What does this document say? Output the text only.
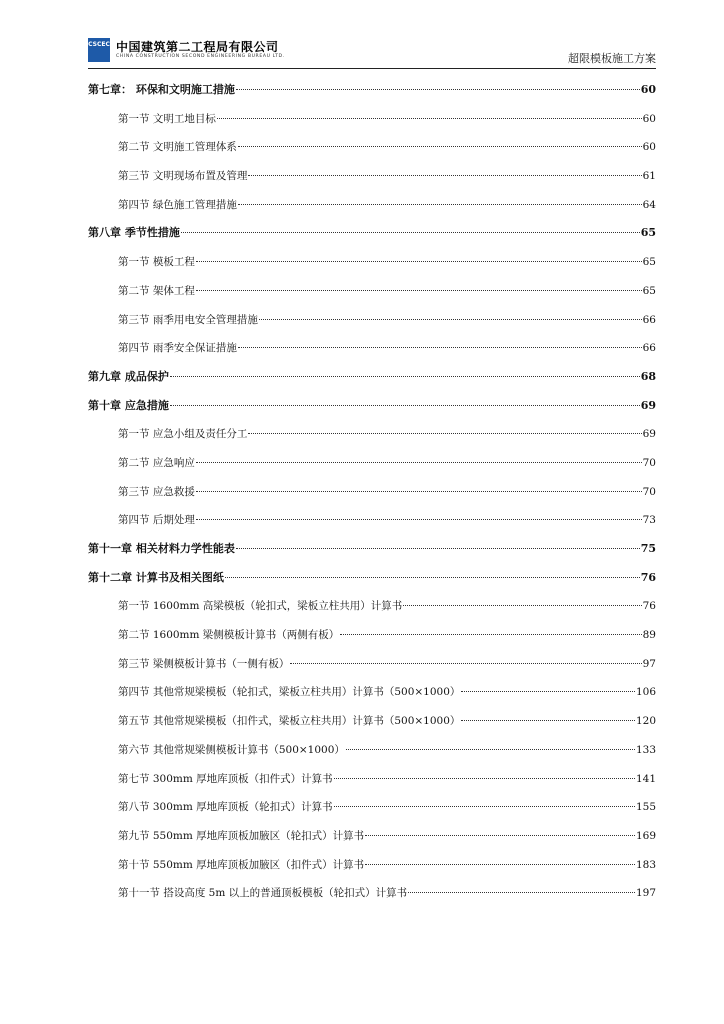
CSCEC 中国建筑第二工程局有限公司
CHINA CONSTRUCTION SECOND ENGINEERING BUREAU LTD.	超限模板施工方案
第七章： 环保和文明施工措施	60
第一节 文明工地目标	60
第二节 文明施工管理体系	60
第三节 文明现场布置及管理	61
第四节 绿色施工管理措施	64
第八章 季节性措施	65
第一节 模板工程	65
第二节 架体工程	65
第三节 雨季用电安全管理措施	66
第四节 雨季安全保证措施	66
第九章 成品保护	68
第十章 应急措施	69
第一节 应急小组及责任分工	69
第二节 应急响应	70
第三节 应急救援	70
第四节 后期处理	73
第十一章 相关材料力学性能表	75
第十二章 计算书及相关图纸	76
第一节 1600mm 高梁模板（轮扣式，梁板立柱共用）计算书	76
第二节 1600mm 梁侧模板计算书（两侧有板）	89
第三节 梁侧模板计算书（一侧有板）	97
第四节 其他常规梁模板（轮扣式，梁板立柱共用）计算书（500×1000）	106
第五节 其他常规梁模板（扣件式，梁板立柱共用）计算书（500×1000）	120
第六节 其他常规梁侧模板计算书（500×1000）	133
第七节 300mm 厚地库顶板（扣件式）计算书	141
第八节 300mm 厚地库顶板（轮扣式）计算书	155
第九节 550mm 厚地库顶板加腋区（轮扣式）计算书	169
第十节 550mm 厚地库顶板加腋区（扣件式）计算书	183
第十一节 搭设高度 5m 以上的普通顶板模板（轮扣式）计算书	197
